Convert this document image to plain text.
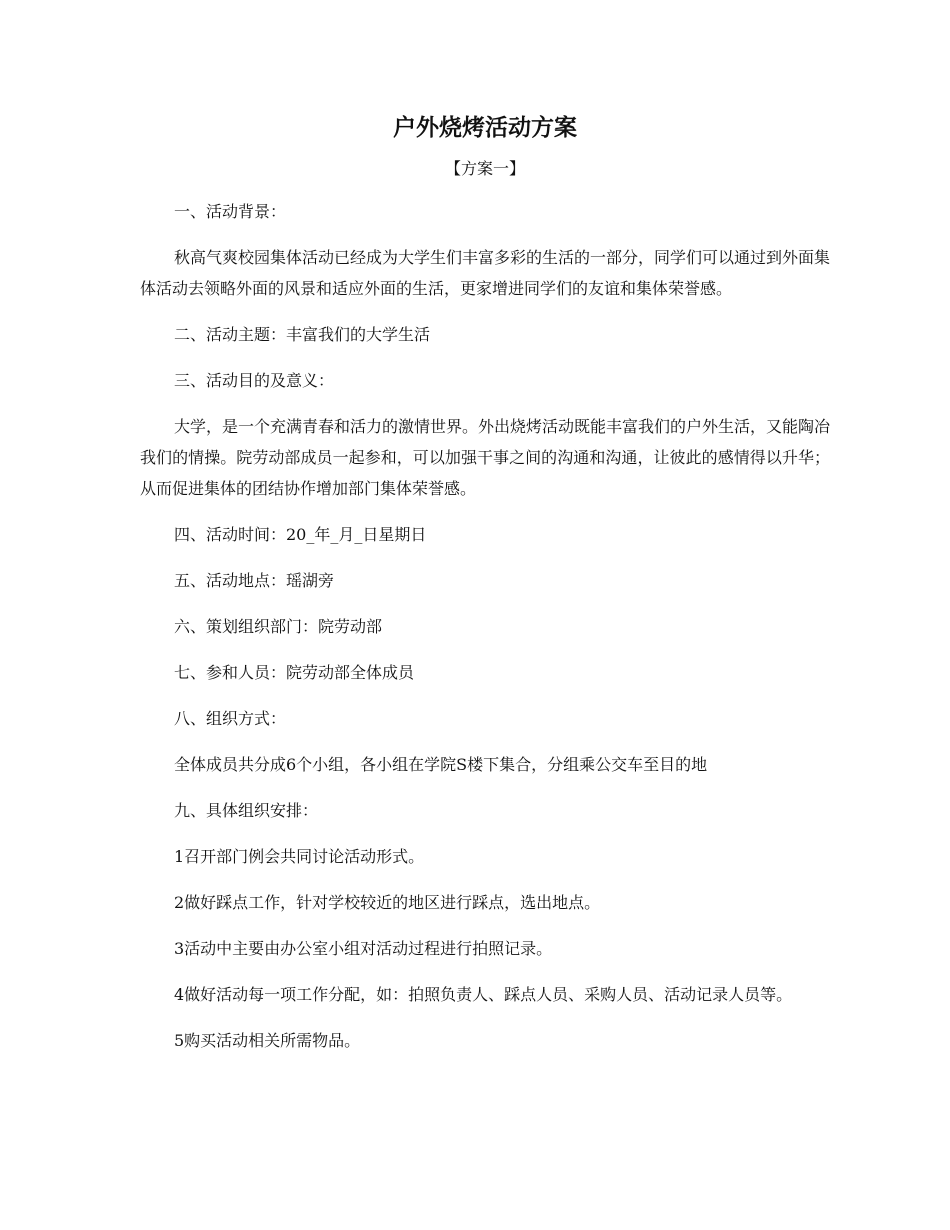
户外烧烤活动方案
【方案一】

一、活动背景：

秋高气爽校园集体活动已经成为大学生们丰富多彩的生活的一部分，同学们可以通过到外面集体活动去领略外面的风景和适应外面的生活，更家增进同学们的友谊和集体荣誉感。

二、活动主题：丰富我们的大学生活

三、活动目的及意义：

大学，是一个充满青春和活力的激情世界。外出烧烤活动既能丰富我们的户外生活，又能陶冶我们的情操。院劳动部成员一起参和，可以加强干事之间的沟通和沟通，让彼此的感情得以升华；从而促进集体的团结协作增加部门集体荣誉感。

四、活动时间：20_年_月_日星期日

五、活动地点：瑶湖旁

六、策划组织部门：院劳动部

七、参和人员：院劳动部全体成员

八、组织方式：

全体成员共分成6个小组，各小组在学院S楼下集合，分组乘公交车至目的地

九、具体组织安排：

1召开部门例会共同讨论活动形式。

2做好踩点工作，针对学校较近的地区进行踩点，选出地点。

3活动中主要由办公室小组对活动过程进行拍照记录。

4做好活动每一项工作分配，如：拍照负责人、踩点人员、采购人员、活动记录人员等。

5购买活动相关所需物品。
